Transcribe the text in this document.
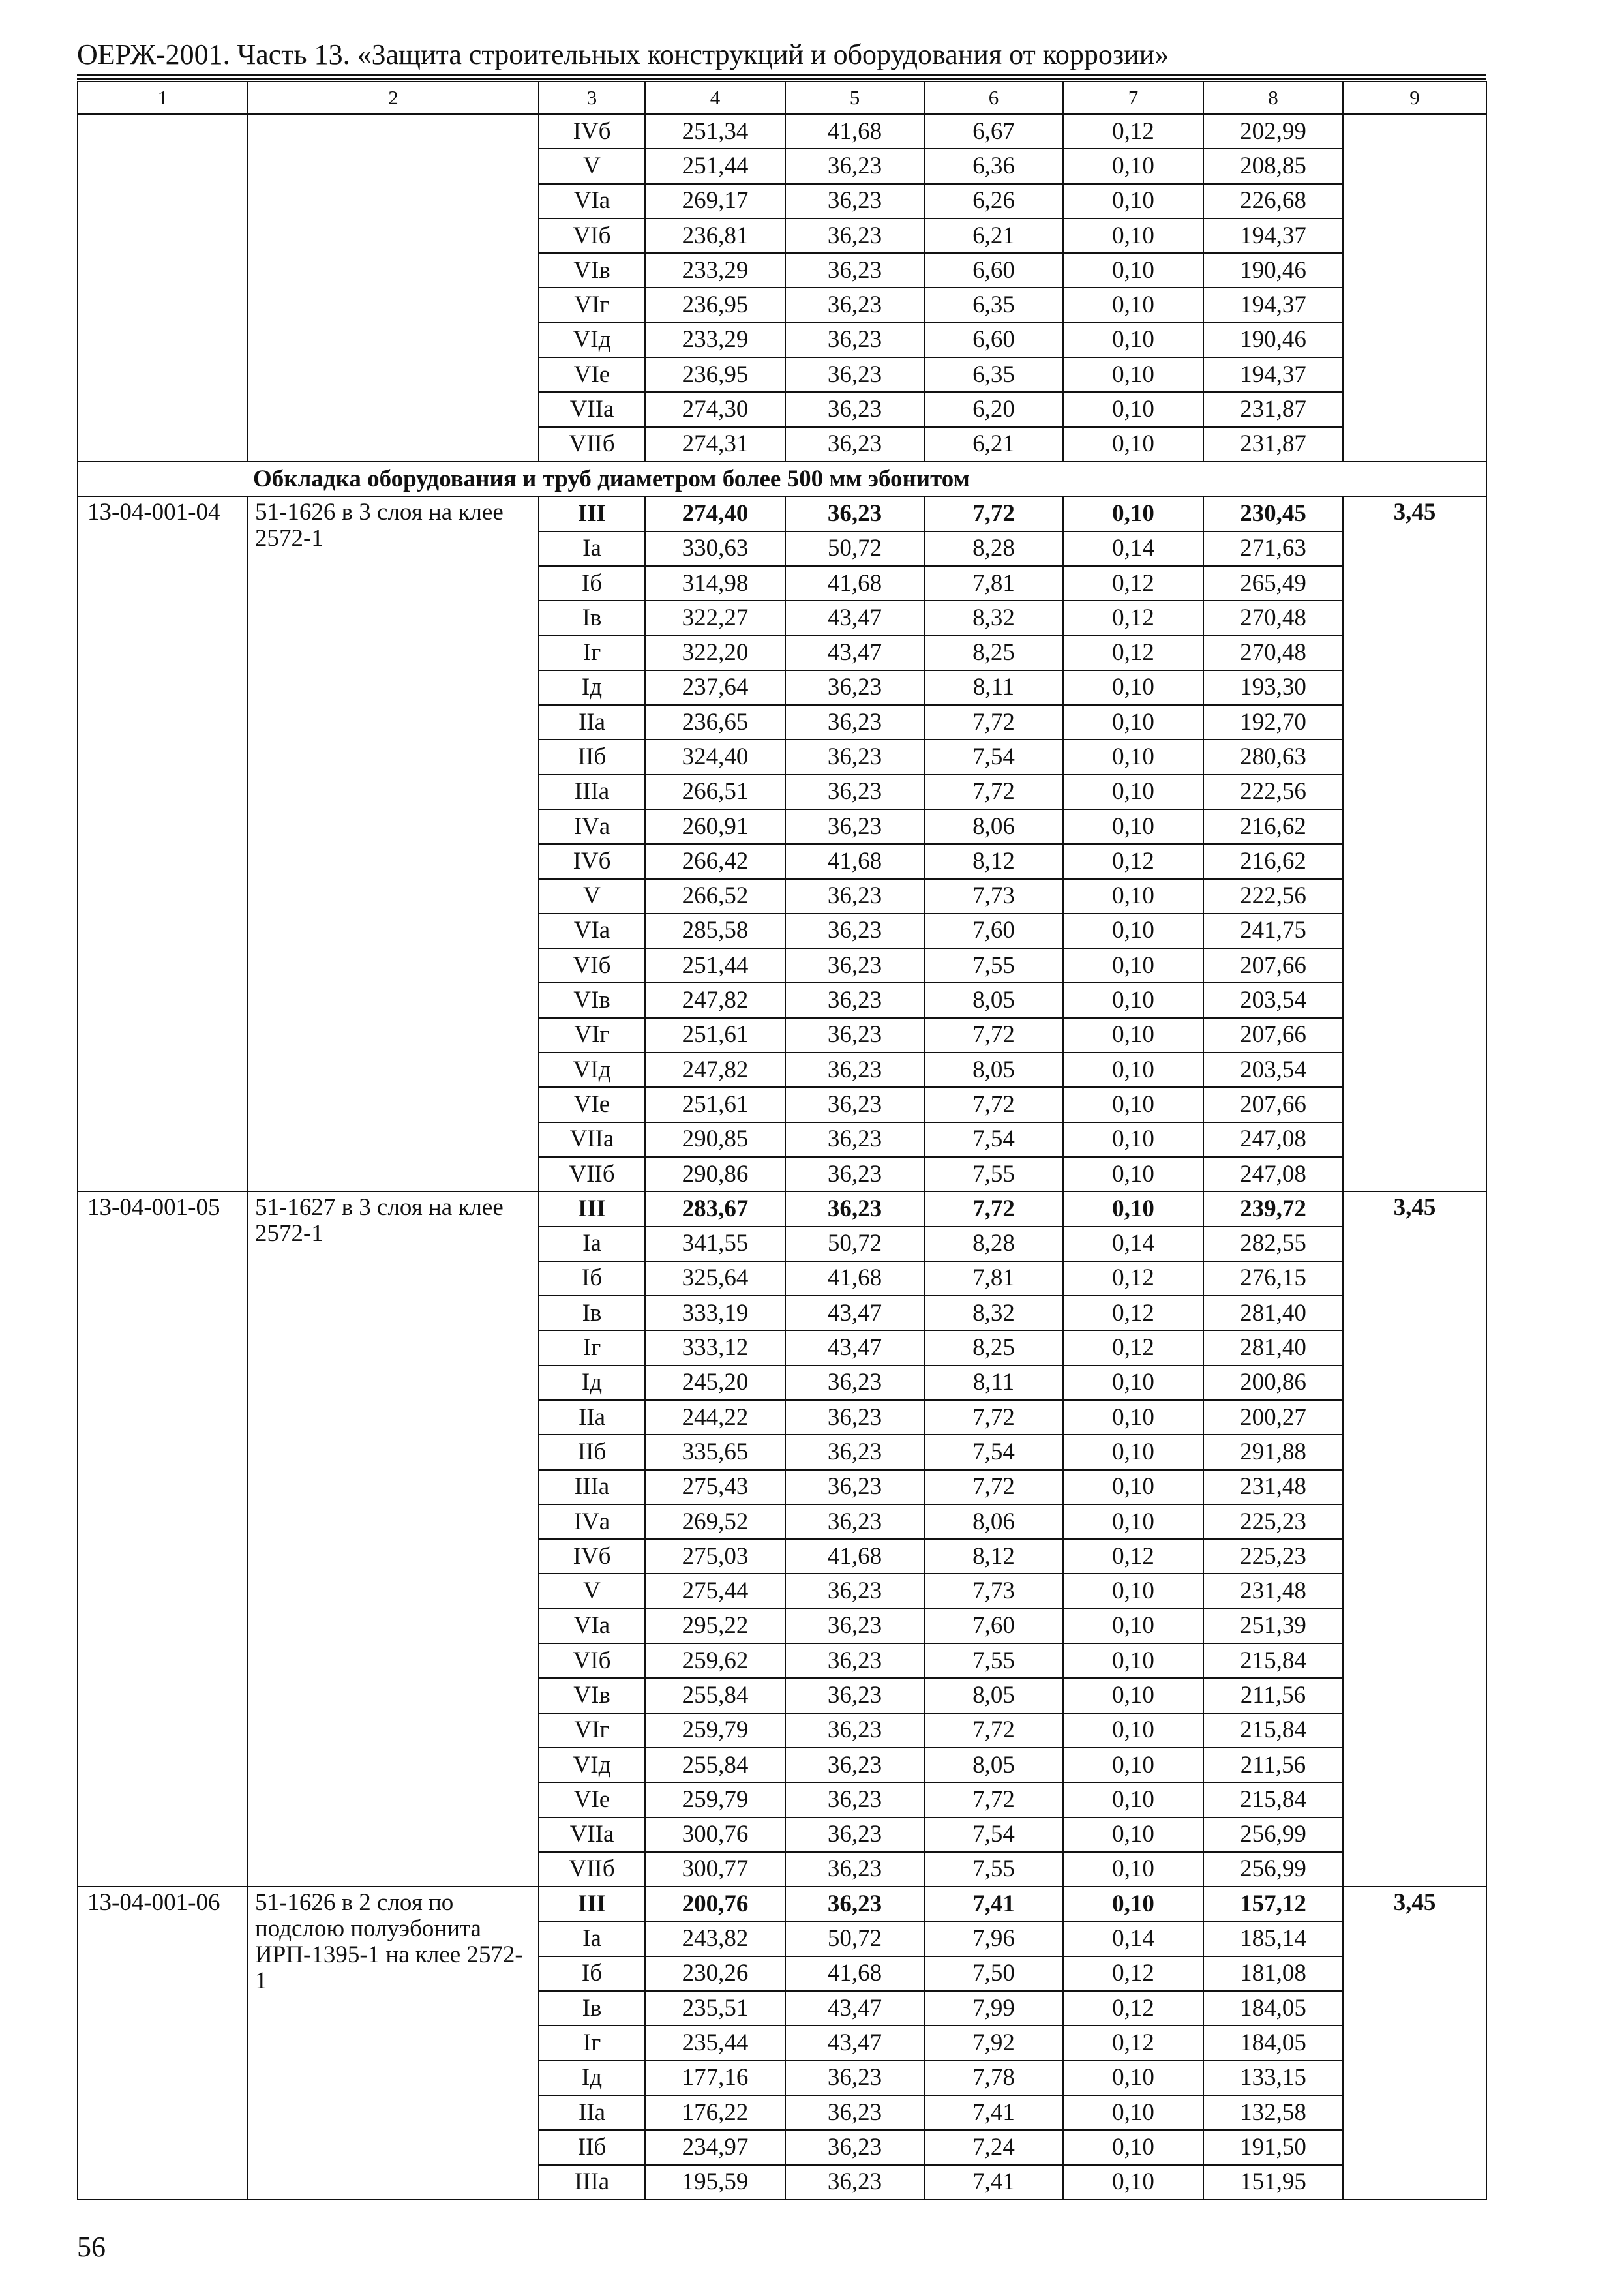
ОЕРЖ-2001. Часть 13. «Защита строительных конструкций и оборудования от коррозии»
1	2	3	4	5	6	7	8	9
		IVб	251,34	41,68	6,67	0,12	202,99	
		V	251,44	36,23	6,36	0,10	208,85	
		VIа	269,17	36,23	6,26	0,10	226,68	
		VIб	236,81	36,23	6,21	0,10	194,37	
		VIв	233,29	36,23	6,60	0,10	190,46	
		VIг	236,95	36,23	6,35	0,10	194,37	
		VIд	233,29	36,23	6,60	0,10	190,46	
		VIе	236,95	36,23	6,35	0,10	194,37	
		VIIа	274,30	36,23	6,20	0,10	231,87	
		VIIб	274,31	36,23	6,21	0,10	231,87	
Обкладка оборудования и труб диаметром более 500 мм эбонитом								
13-04-001-04	51-1626 в 3 слоя на клее 2572-1	III	274,40	36,23	7,72	0,10	230,45	3,45
		Iа	330,63	50,72	8,28	0,14	271,63	
		Iб	314,98	41,68	7,81	0,12	265,49	
		Iв	322,27	43,47	8,32	0,12	270,48	
		Iг	322,20	43,47	8,25	0,12	270,48	
		Iд	237,64	36,23	8,11	0,10	193,30	
		IIа	236,65	36,23	7,72	0,10	192,70	
		IIб	324,40	36,23	7,54	0,10	280,63	
		IIIа	266,51	36,23	7,72	0,10	222,56	
		IVа	260,91	36,23	8,06	0,10	216,62	
		IVб	266,42	41,68	8,12	0,12	216,62	
		V	266,52	36,23	7,73	0,10	222,56	
		VIа	285,58	36,23	7,60	0,10	241,75	
		VIб	251,44	36,23	7,55	0,10	207,66	
		VIв	247,82	36,23	8,05	0,10	203,54	
		VIг	251,61	36,23	7,72	0,10	207,66	
		VIд	247,82	36,23	8,05	0,10	203,54	
		VIе	251,61	36,23	7,72	0,10	207,66	
		VIIа	290,85	36,23	7,54	0,10	247,08	
		VIIб	290,86	36,23	7,55	0,10	247,08	
13-04-001-05	51-1627 в 3 слоя на клее 2572-1	III	283,67	36,23	7,72	0,10	239,72	3,45
		Iа	341,55	50,72	8,28	0,14	282,55	
		Iб	325,64	41,68	7,81	0,12	276,15	
		Iв	333,19	43,47	8,32	0,12	281,40	
		Iг	333,12	43,47	8,25	0,12	281,40	
		Iд	245,20	36,23	8,11	0,10	200,86	
		IIа	244,22	36,23	7,72	0,10	200,27	
		IIб	335,65	36,23	7,54	0,10	291,88	
		IIIа	275,43	36,23	7,72	0,10	231,48	
		IVа	269,52	36,23	8,06	0,10	225,23	
		IVб	275,03	41,68	8,12	0,12	225,23	
		V	275,44	36,23	7,73	0,10	231,48	
		VIа	295,22	36,23	7,60	0,10	251,39	
		VIб	259,62	36,23	7,55	0,10	215,84	
		VIв	255,84	36,23	8,05	0,10	211,56	
		VIг	259,79	36,23	7,72	0,10	215,84	
		VIд	255,84	36,23	8,05	0,10	211,56	
		VIе	259,79	36,23	7,72	0,10	215,84	
		VIIа	300,76	36,23	7,54	0,10	256,99	
		VIIб	300,77	36,23	7,55	0,10	256,99	
13-04-001-06	51-1626 в 2 слоя по подслою полуэбонита ИРП-1395-1 на клее 2572-1	III	200,76	36,23	7,41	0,10	157,12	3,45
		Iа	243,82	50,72	7,96	0,14	185,14	
		Iб	230,26	41,68	7,50	0,12	181,08	
		Iв	235,51	43,47	7,99	0,12	184,05	
		Iг	235,44	43,47	7,92	0,12	184,05	
		Iд	177,16	36,23	7,78	0,10	133,15	
		IIа	176,22	36,23	7,41	0,10	132,58	
		IIб	234,97	36,23	7,24	0,10	191,50	
		IIIа	195,59	36,23	7,41	0,10	151,95	
56
